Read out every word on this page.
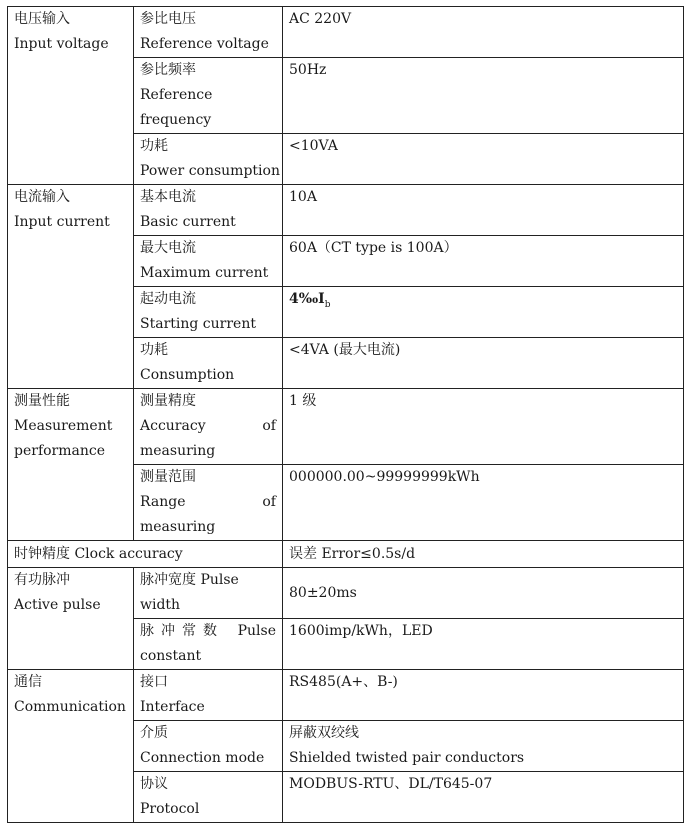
电压输入
Input voltage	参比电压
Reference voltage	AC 220V

	参比频率
Reference
frequency	50Hz

	功耗
Power consumption	<10VA

电流输入
Input current	基本电流
Basic current	10A

	最大电流
Maximum current	60A（CT type is 100A）

	起动电流
Starting current	$4‰I_b$

	功耗
Consumption	<4VA (最大电流)

测量性能
Measurement
performance	测量精度
Accuracy of
measuring	1 级

	测量范围
Range of
measuring	000000.00~99999999kWh
时钟精度 Clock accuracy		误差 Error≤0.5s/d

有功脉冲
Active pulse	脉冲宽度 Pulse width	80±20ms

	脉冲常数 Pulse
constant	1600imp/kWh，LED

通信
Communication	接口
Interface	RS485(A+、B-)

	介质
Connection mode	屏蔽双绞线
Shielded twisted pair conductors

	协议
Protocol	MODBUS-RTU、DL/T645-07
